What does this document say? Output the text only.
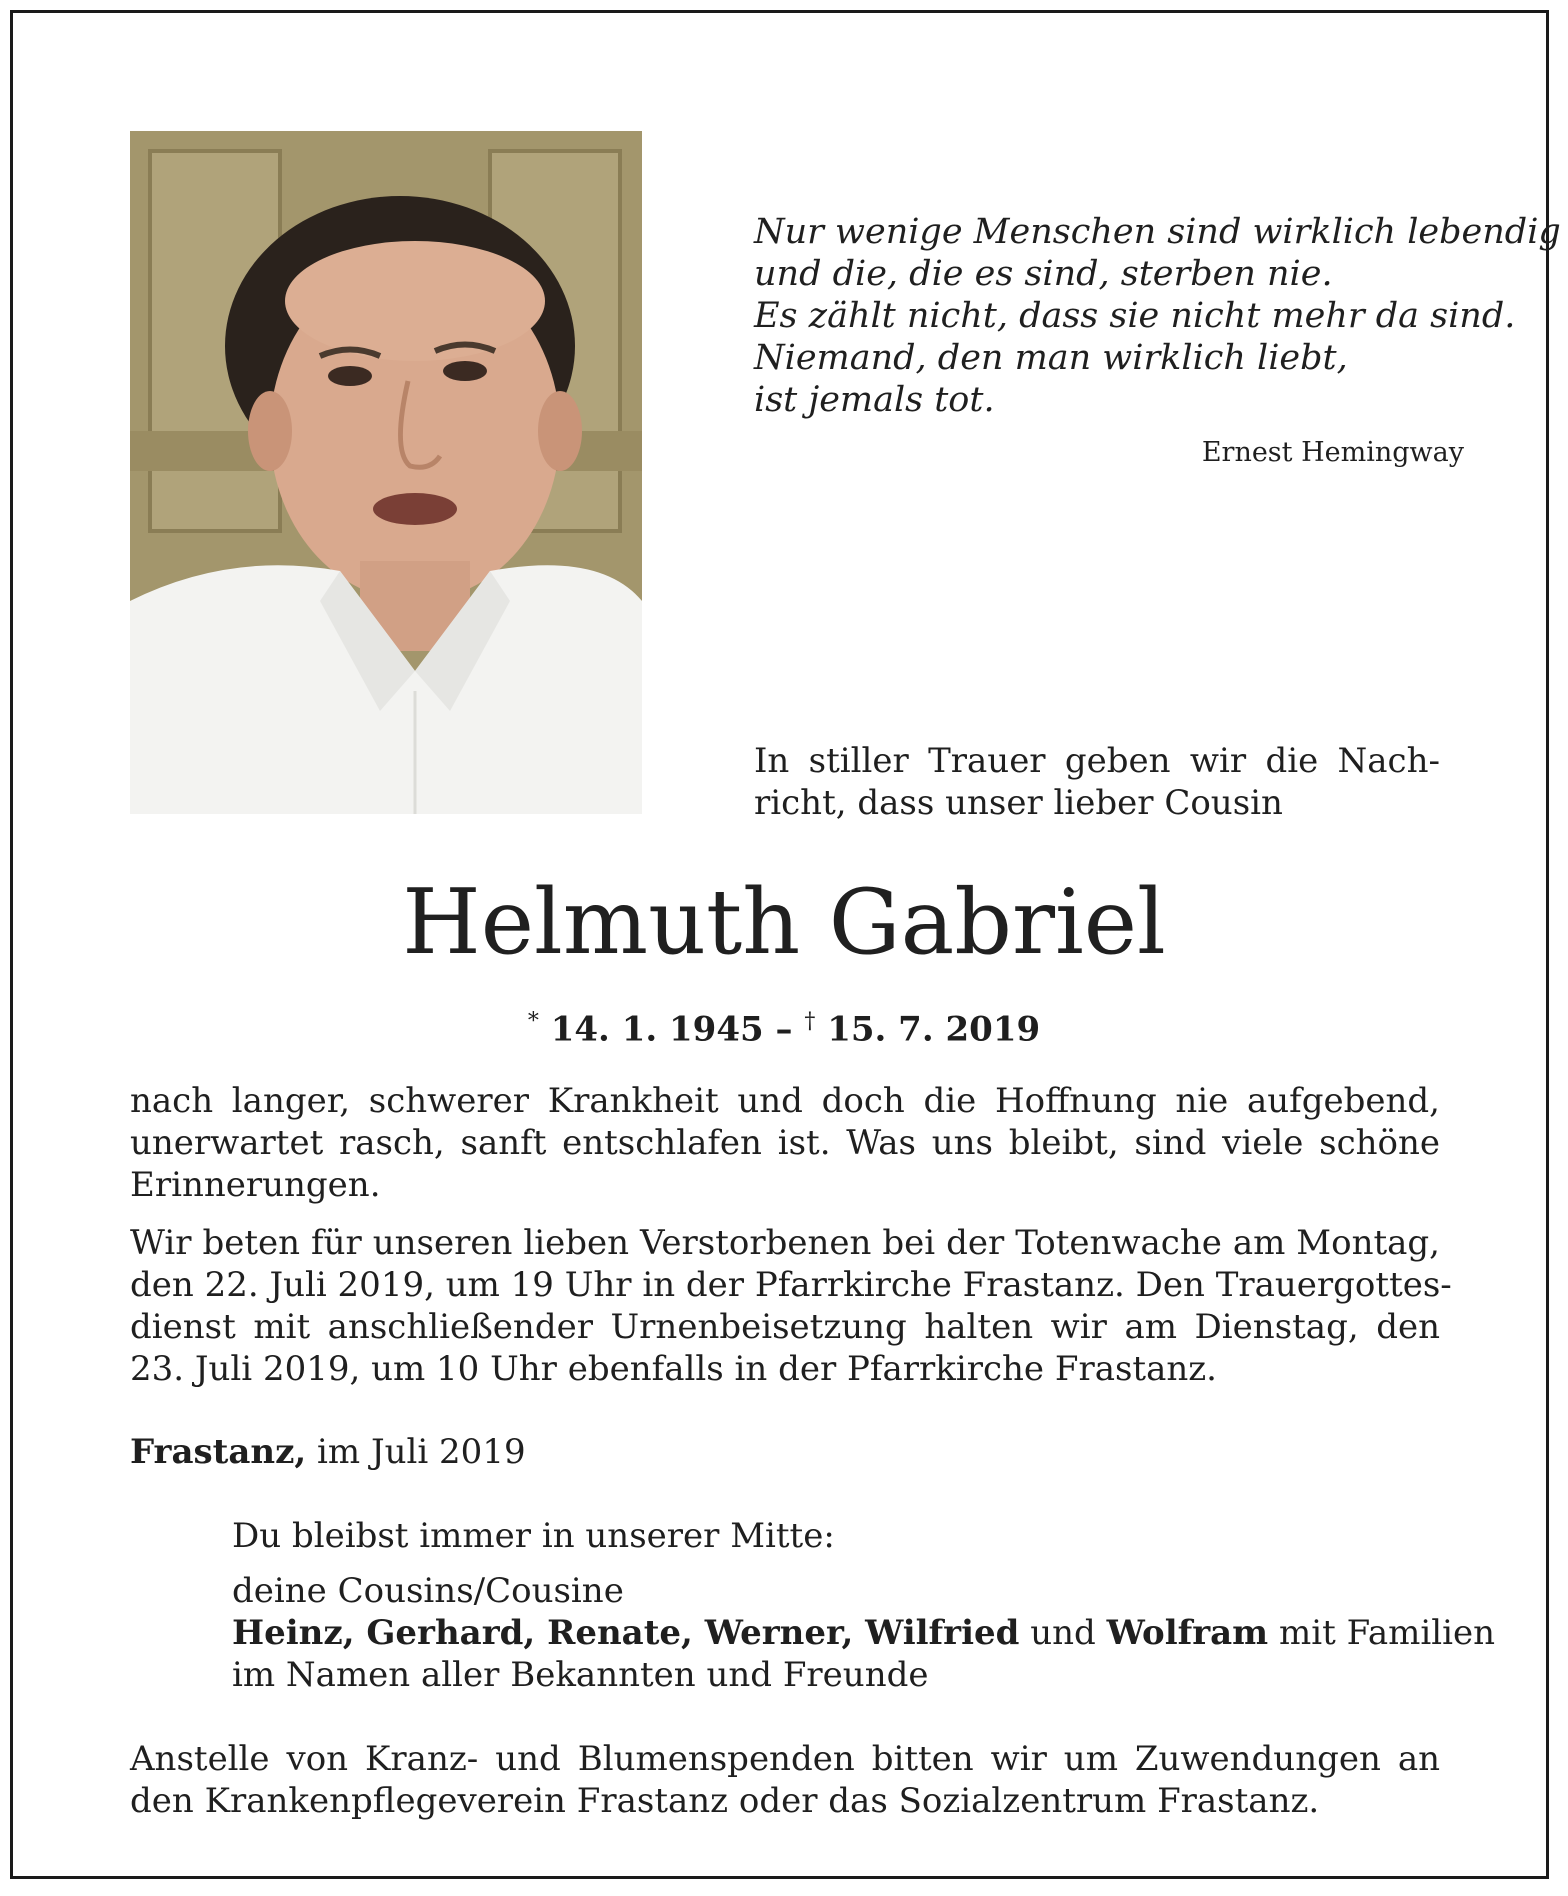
Nur wenige Menschen sind wirklich lebendig
und die, die es sind, sterben nie.
Es zählt nicht, dass sie nicht mehr da sind.
Niemand, den man wirklich liebt,
ist jemals tot.
Ernest Hemingway
In stiller Trauer geben wir die Nach-
richt, dass unser lieber Cousin
Helmuth Gabriel
* 14. 1. 1945 – † 15. 7. 2019
nach langer, schwerer Krankheit und doch die Hoffnung nie aufgebend,
unerwartet rasch, sanft entschlafen ist. Was uns bleibt, sind viele schöne
Erinnerungen.
Wir beten für unseren lieben Verstorbenen bei der Totenwache am Montag,
den 22. Juli 2019, um 19 Uhr in der Pfarrkirche Frastanz. Den Trauergottes-
dienst mit anschließender Urnenbeisetzung halten wir am Dienstag, den
23. Juli 2019, um 10 Uhr ebenfalls in der Pfarrkirche Frastanz.
Frastanz, im Juli 2019
Du bleibst immer in unserer Mitte:
deine Cousins/Cousine
Heinz, Gerhard, Renate, Werner, Wilfried und Wolfram mit Familien
im Namen aller Bekannten und Freunde
Anstelle von Kranz- und Blumenspenden bitten wir um Zuwendungen an
den Krankenpflegeverein Frastanz oder das Sozialzentrum Frastanz.
